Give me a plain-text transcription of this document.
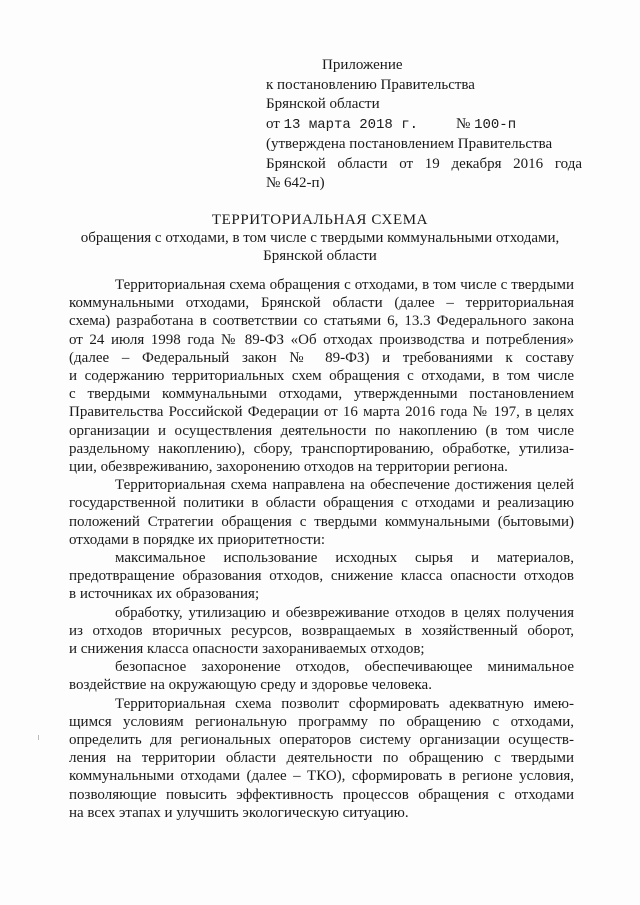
Приложение
к постановлению Правительства
Брянской области
от 13 марта 2018 г.	№ 100-п
(утверждена постановлением Правительства
Брянской области от 19 декабря 2016 года
№ 642-п)
ТЕРРИТОРИАЛЬНАЯ СХЕМА
обращения с отходами, в том числе с твердыми коммунальными отходами,
Брянской области
Территориальная схема обращения с отходами, в том числе с твердыми
коммунальными отходами, Брянской области (далее – территориальная
схема) разработана в соответствии со статьями 6, 13.3 Федерального закона
от 24 июля 1998 года № 89-ФЗ «Об отходах производства и потребления»
(далее – Федеральный закон № 89-ФЗ) и требованиями к составу
и содержанию территориальных схем обращения с отходами, в том числе
с твердыми коммунальными отходами, утвержденными постановлением
Правительства Российской Федерации от 16 марта 2016 года № 197, в целях
организации и осуществления деятельности по накоплению (в том числе
раздельному накоплению), сбору, транспортированию, обработке, утилиза-
ции, обезвреживанию, захоронению отходов на территории региона.
Территориальная схема направлена на обеспечение достижения целей
государственной политики в области обращения с отходами и реализацию
положений Стратегии обращения с твердыми коммунальными (бытовыми)
отходами в порядке их приоритетности:
максимальное использование исходных сырья и материалов,
предотвращение образования отходов, снижение класса опасности отходов
в источниках их образования;
обработку, утилизацию и обезвреживание отходов в целях получения
из отходов вторичных ресурсов, возвращаемых в хозяйственный оборот,
и снижения класса опасности захораниваемых отходов;
безопасное захоронение отходов, обеспечивающее минимальное
воздействие на окружающую среду и здоровье человека.
Территориальная схема позволит сформировать адекватную имею-
щимся условиям региональную программу по обращению с отходами,
определить для региональных операторов систему организации осуществ-
ления на территории области деятельности по обращению с твердыми
коммунальными отходами (далее – ТКО), сформировать в регионе условия,
позволяющие повысить эффективность процессов обращения с отходами
на всех этапах и улучшить экологическую ситуацию.
